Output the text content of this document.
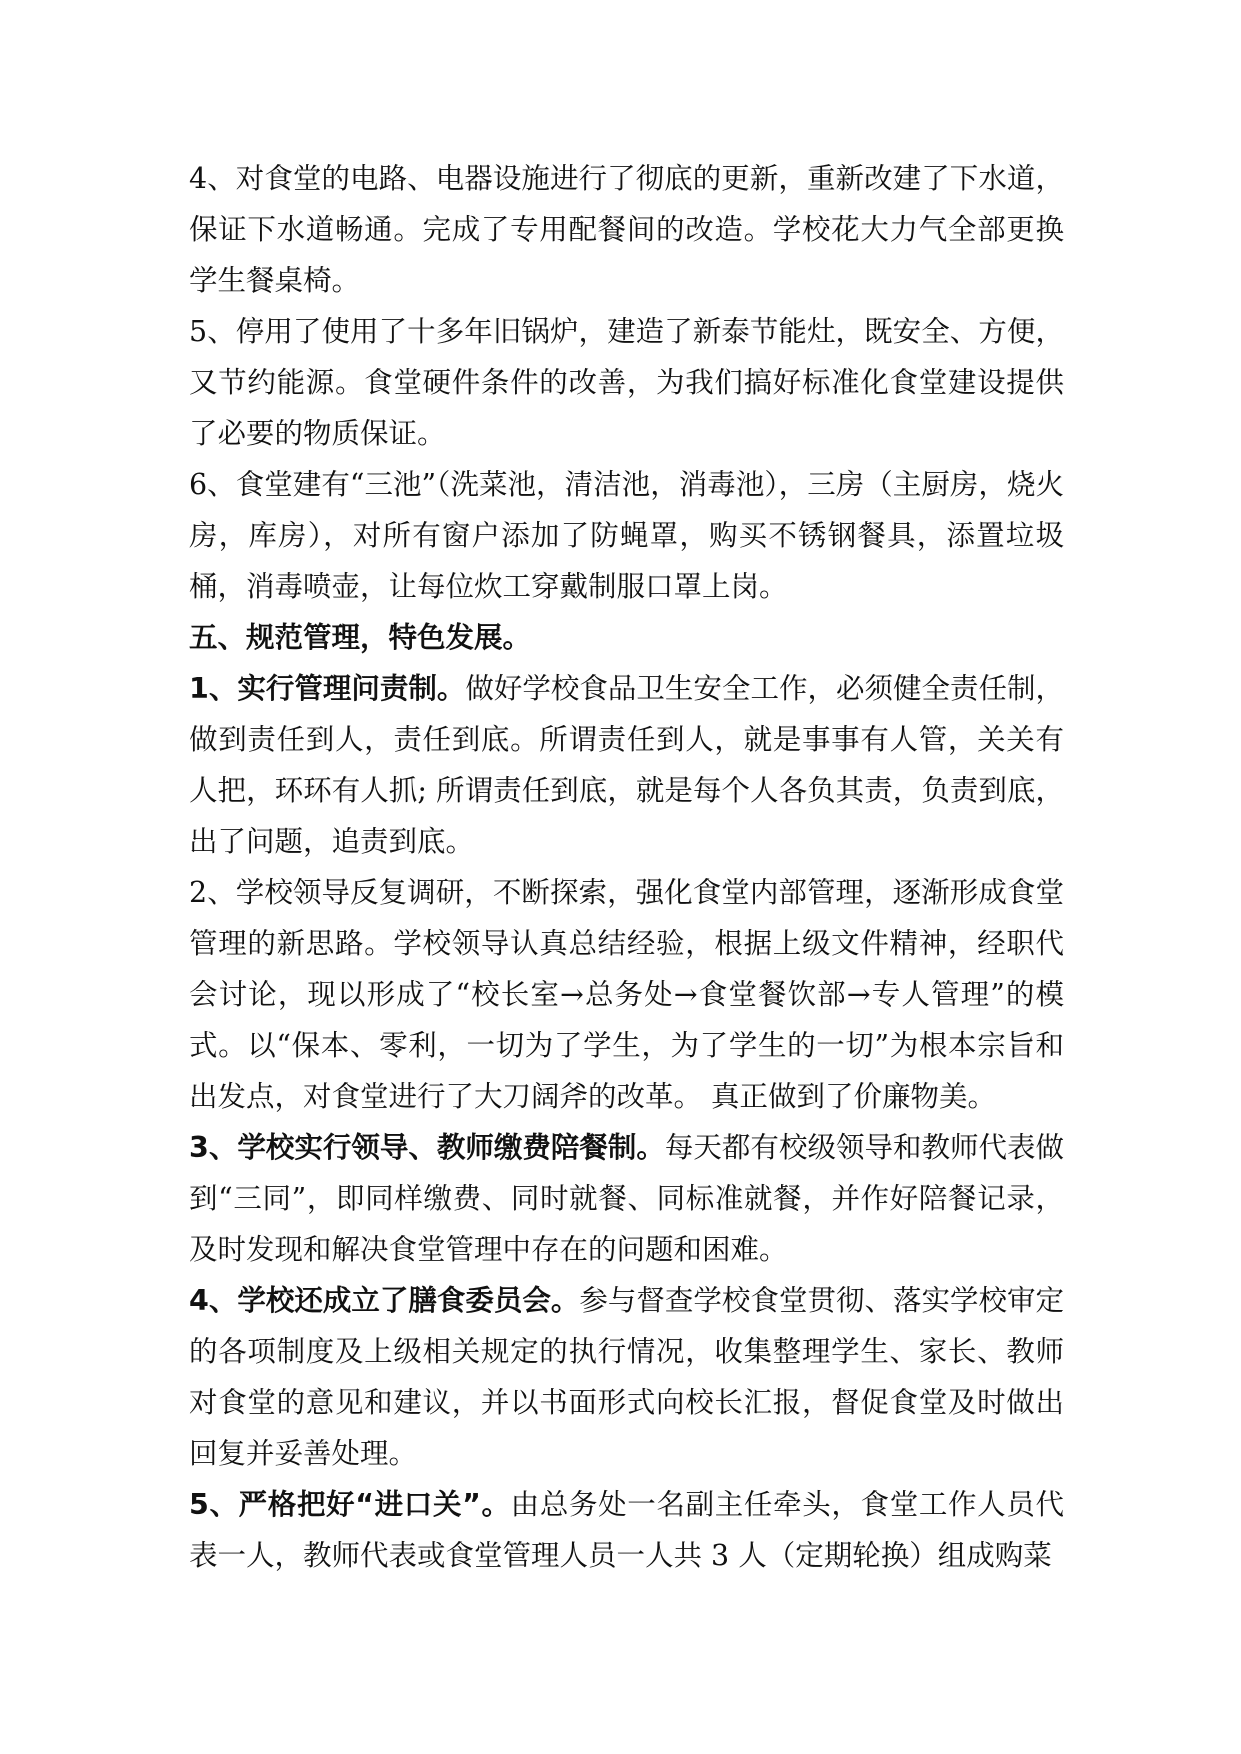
4、对食堂的电路、电器设施进行了彻底的更新，重新改建了下水道，保证下水道畅通。完成了专用配餐间的改造。学校花大力气全部更换学生餐桌椅。

5、停用了使用了十多年旧锅炉，建造了新泰节能灶，既安全、方便，又节约能源。食堂硬件条件的改善，为我们搞好标准化食堂建设提供了必要的物质保证。

6、食堂建有“三池”（洗菜池，清洁池，消毒池），三房（主厨房，烧火房，库房），对所有窗户添加了防蝇罩，购买不锈钢餐具，添置垃圾桶，消毒喷壶，让每位炊工穿戴制服口罩上岗。

五、规范管理，特色发展。

1、实行管理问责制。做好学校食品卫生安全工作，必须健全责任制，做到责任到人，责任到底。所谓责任到人，就是事事有人管，关关有人把，环环有人抓; 所谓责任到底，就是每个人各负其责，负责到底，出了问题，追责到底。

2、学校领导反复调研，不断探索，强化食堂内部管理，逐渐形成食堂管理的新思路。学校领导认真总结经验，根据上级文件精神，经职代会讨论，现以形成了“校长室→总务处→食堂餐饮部→专人管理”的模式。以“保本、零利，一切为了学生，为了学生的一切”为根本宗旨和出发点，对食堂进行了大刀阔斧的改革。 真正做到了价廉物美。

3、学校实行领导、教师缴费陪餐制。每天都有校级领导和教师代表做到“三同”，即同样缴费、同时就餐、同标准就餐，并作好陪餐记录，及时发现和解决食堂管理中存在的问题和困难。

4、学校还成立了膳食委员会。参与督查学校食堂贯彻、落实学校审定的各项制度及上级相关规定的执行情况，收集整理学生、家长、教师对食堂的意见和建议，并以书面形式向校长汇报，督促食堂及时做出回复并妥善处理。

5、严格把好“进口关”。由总务处一名副主任牵头，食堂工作人员代表一人，教师代表或食堂管理人员一人共 3 人（定期轮换）组成购菜
